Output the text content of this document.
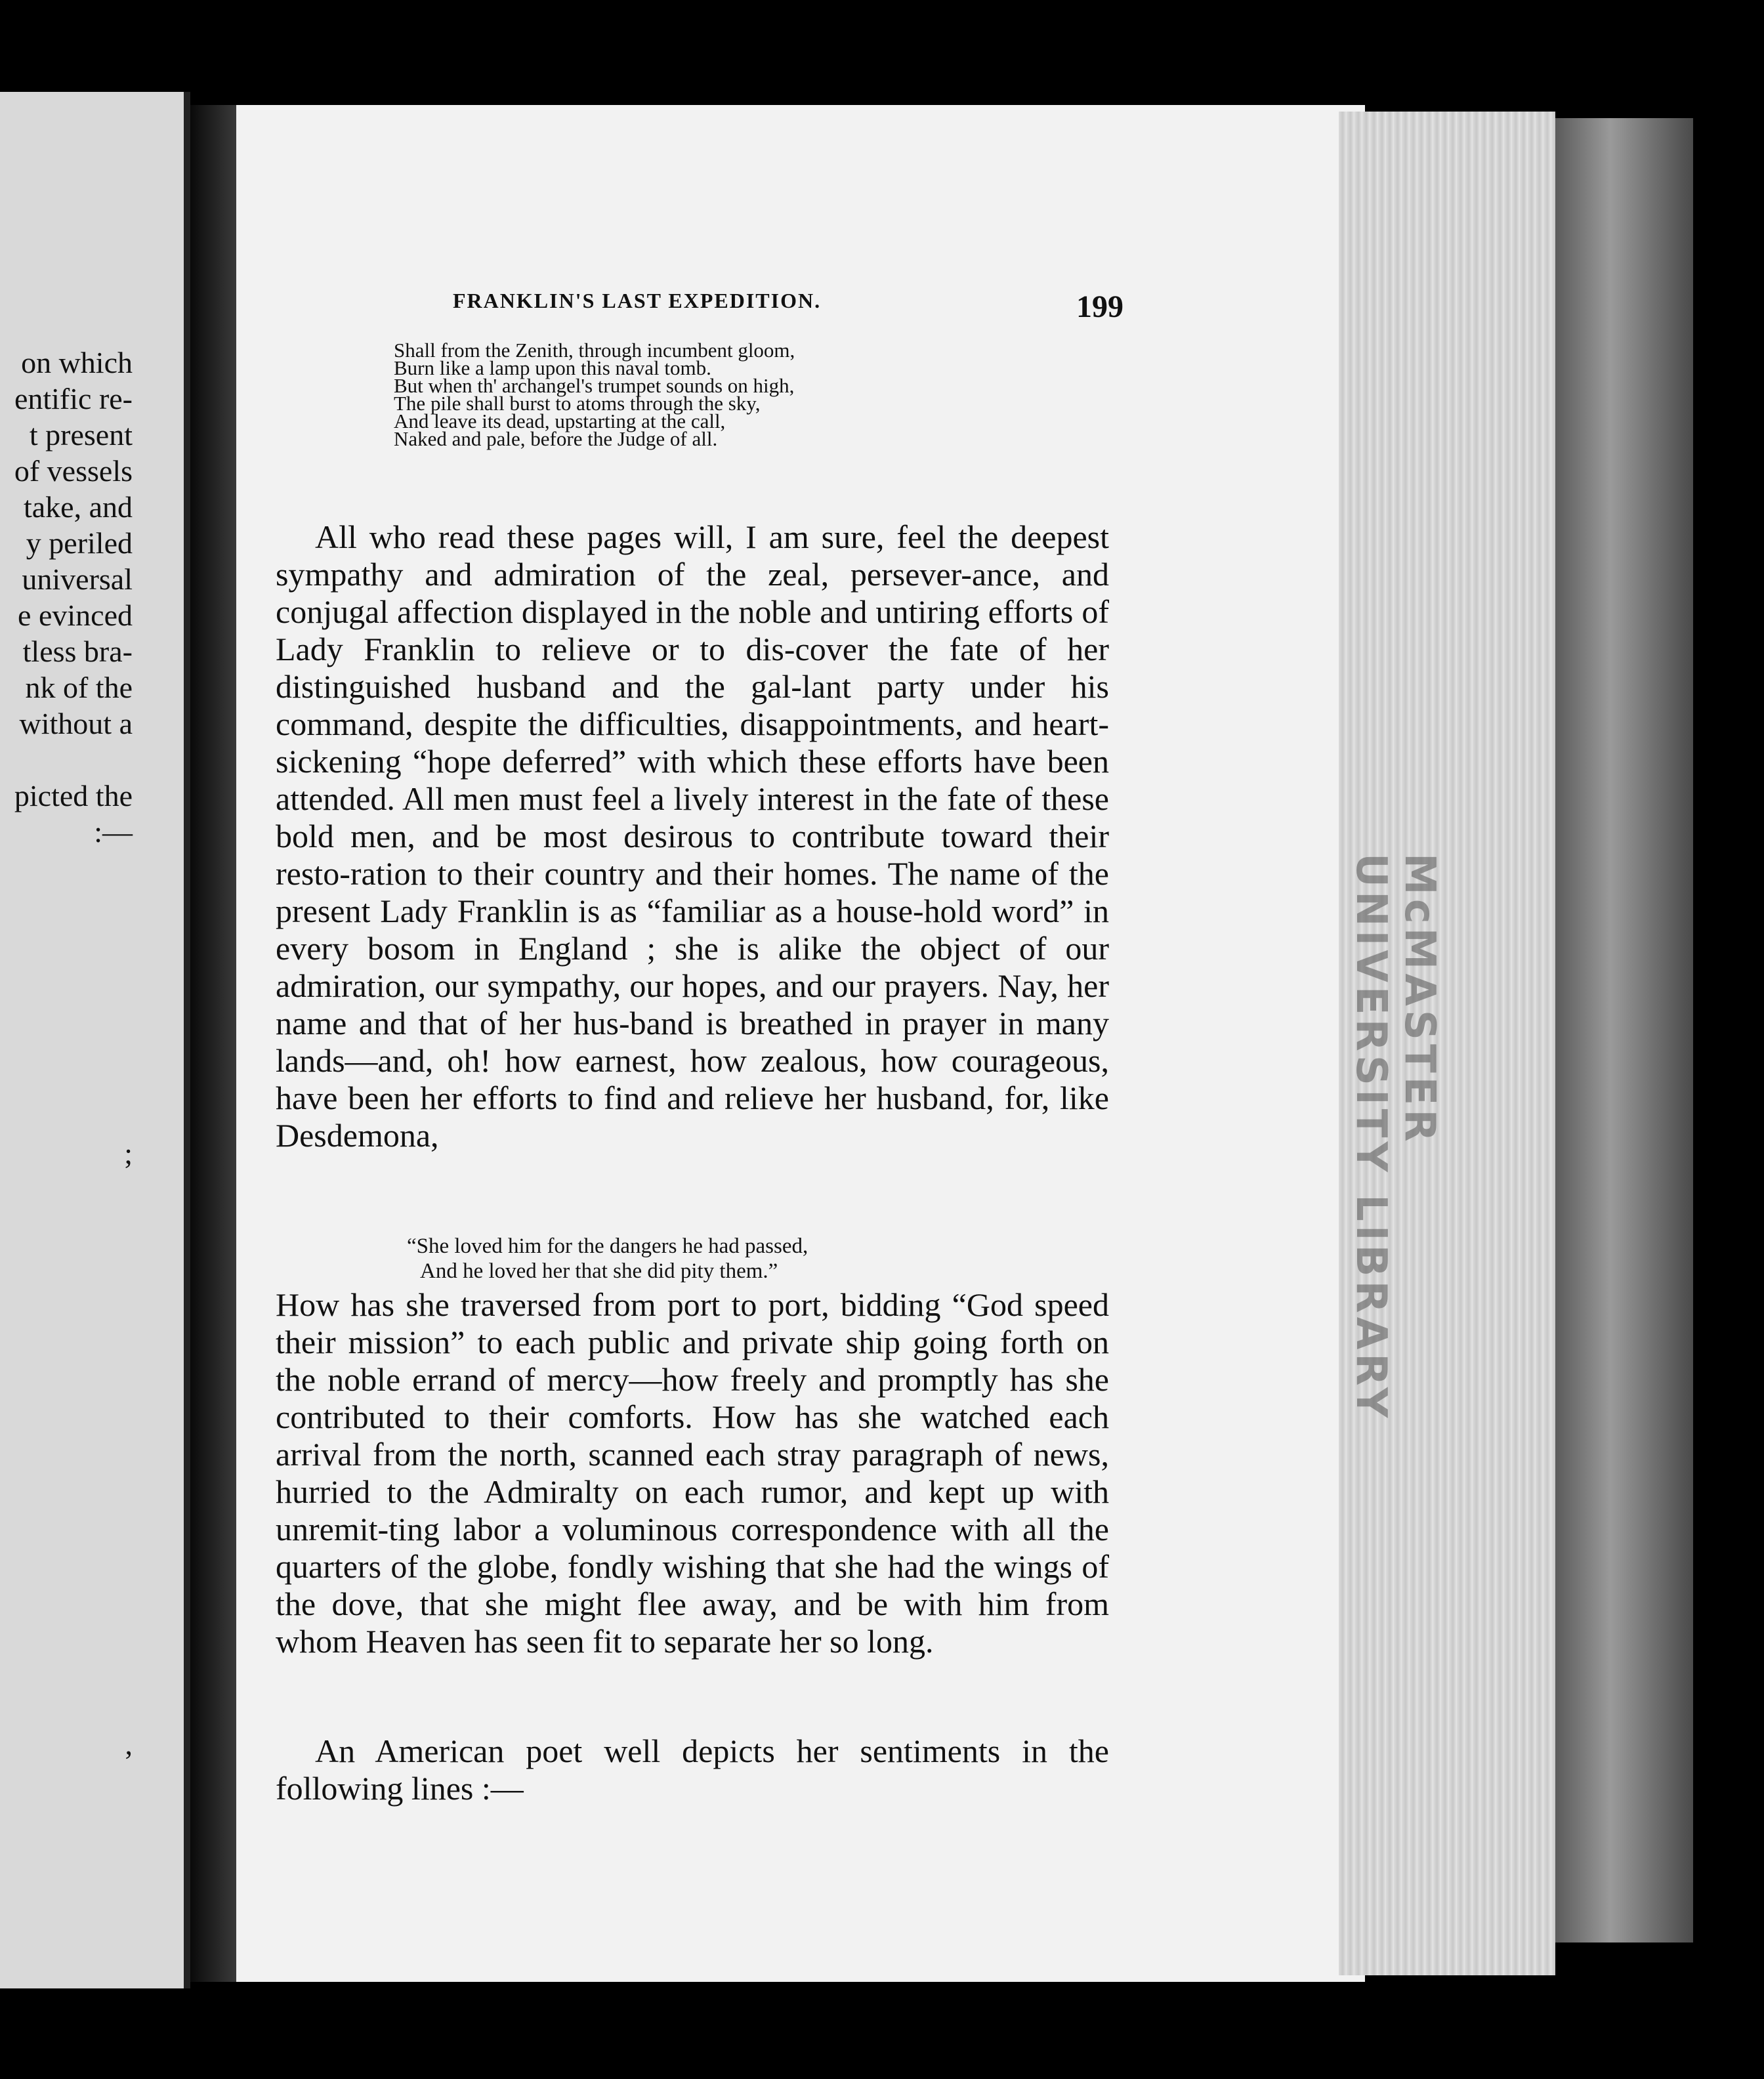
on which
entific re-
t present
of vessels
take, and
y periled
universal
e evinced
tless bra-
nk of the
without a
picted the
:—
;
,
McMASTER UNIVERSITY LIBRARY
FRANKLIN'S LAST EXPEDITION.	199
Shall from the Zenith, through incumbent gloom,
Burn like a lamp upon this naval tomb.
But when th' archangel's trumpet sounds on high,
The pile shall burst to atoms through the sky,
And leave its dead, upstarting at the call,
Naked and pale, before the Judge of all.
All who read these pages will, I am sure, feel the deepest sympathy and admiration of the zeal, persever-ance, and conjugal affection displayed in the noble and untiring efforts of Lady Franklin to relieve or to dis-cover the fate of her distinguished husband and the gal-lant party under his command, despite the difficulties, disappointments, and heart-sickening “hope deferred” with which these efforts have been attended. All men must feel a lively interest in the fate of these bold men, and be most desirous to contribute toward their resto-ration to their country and their homes. The name of the present Lady Franklin is as “familiar as a house-hold word” in every bosom in England ; she is alike the object of our admiration, our sympathy, our hopes, and our prayers. Nay, her name and that of her hus-band is breathed in prayer in many lands—and, oh! how earnest, how zealous, how courageous, have been her efforts to find and relieve her husband, for, like Desdemona,
“She loved him for the dangers he had passed,
And he loved her that she did pity them.”
How has she traversed from port to port, bidding “God speed their mission” to each public and private ship going forth on the noble errand of mercy—how freely and promptly has she contributed to their comforts. How has she watched each arrival from the north, scanned each stray paragraph of news, hurried to the Admiralty on each rumor, and kept up with unremit-ting labor a voluminous correspondence with all the quarters of the globe, fondly wishing that she had the wings of the dove, that she might flee away, and be with him from whom Heaven has seen fit to separate her so long.
An American poet well depicts her sentiments in the following lines :—
